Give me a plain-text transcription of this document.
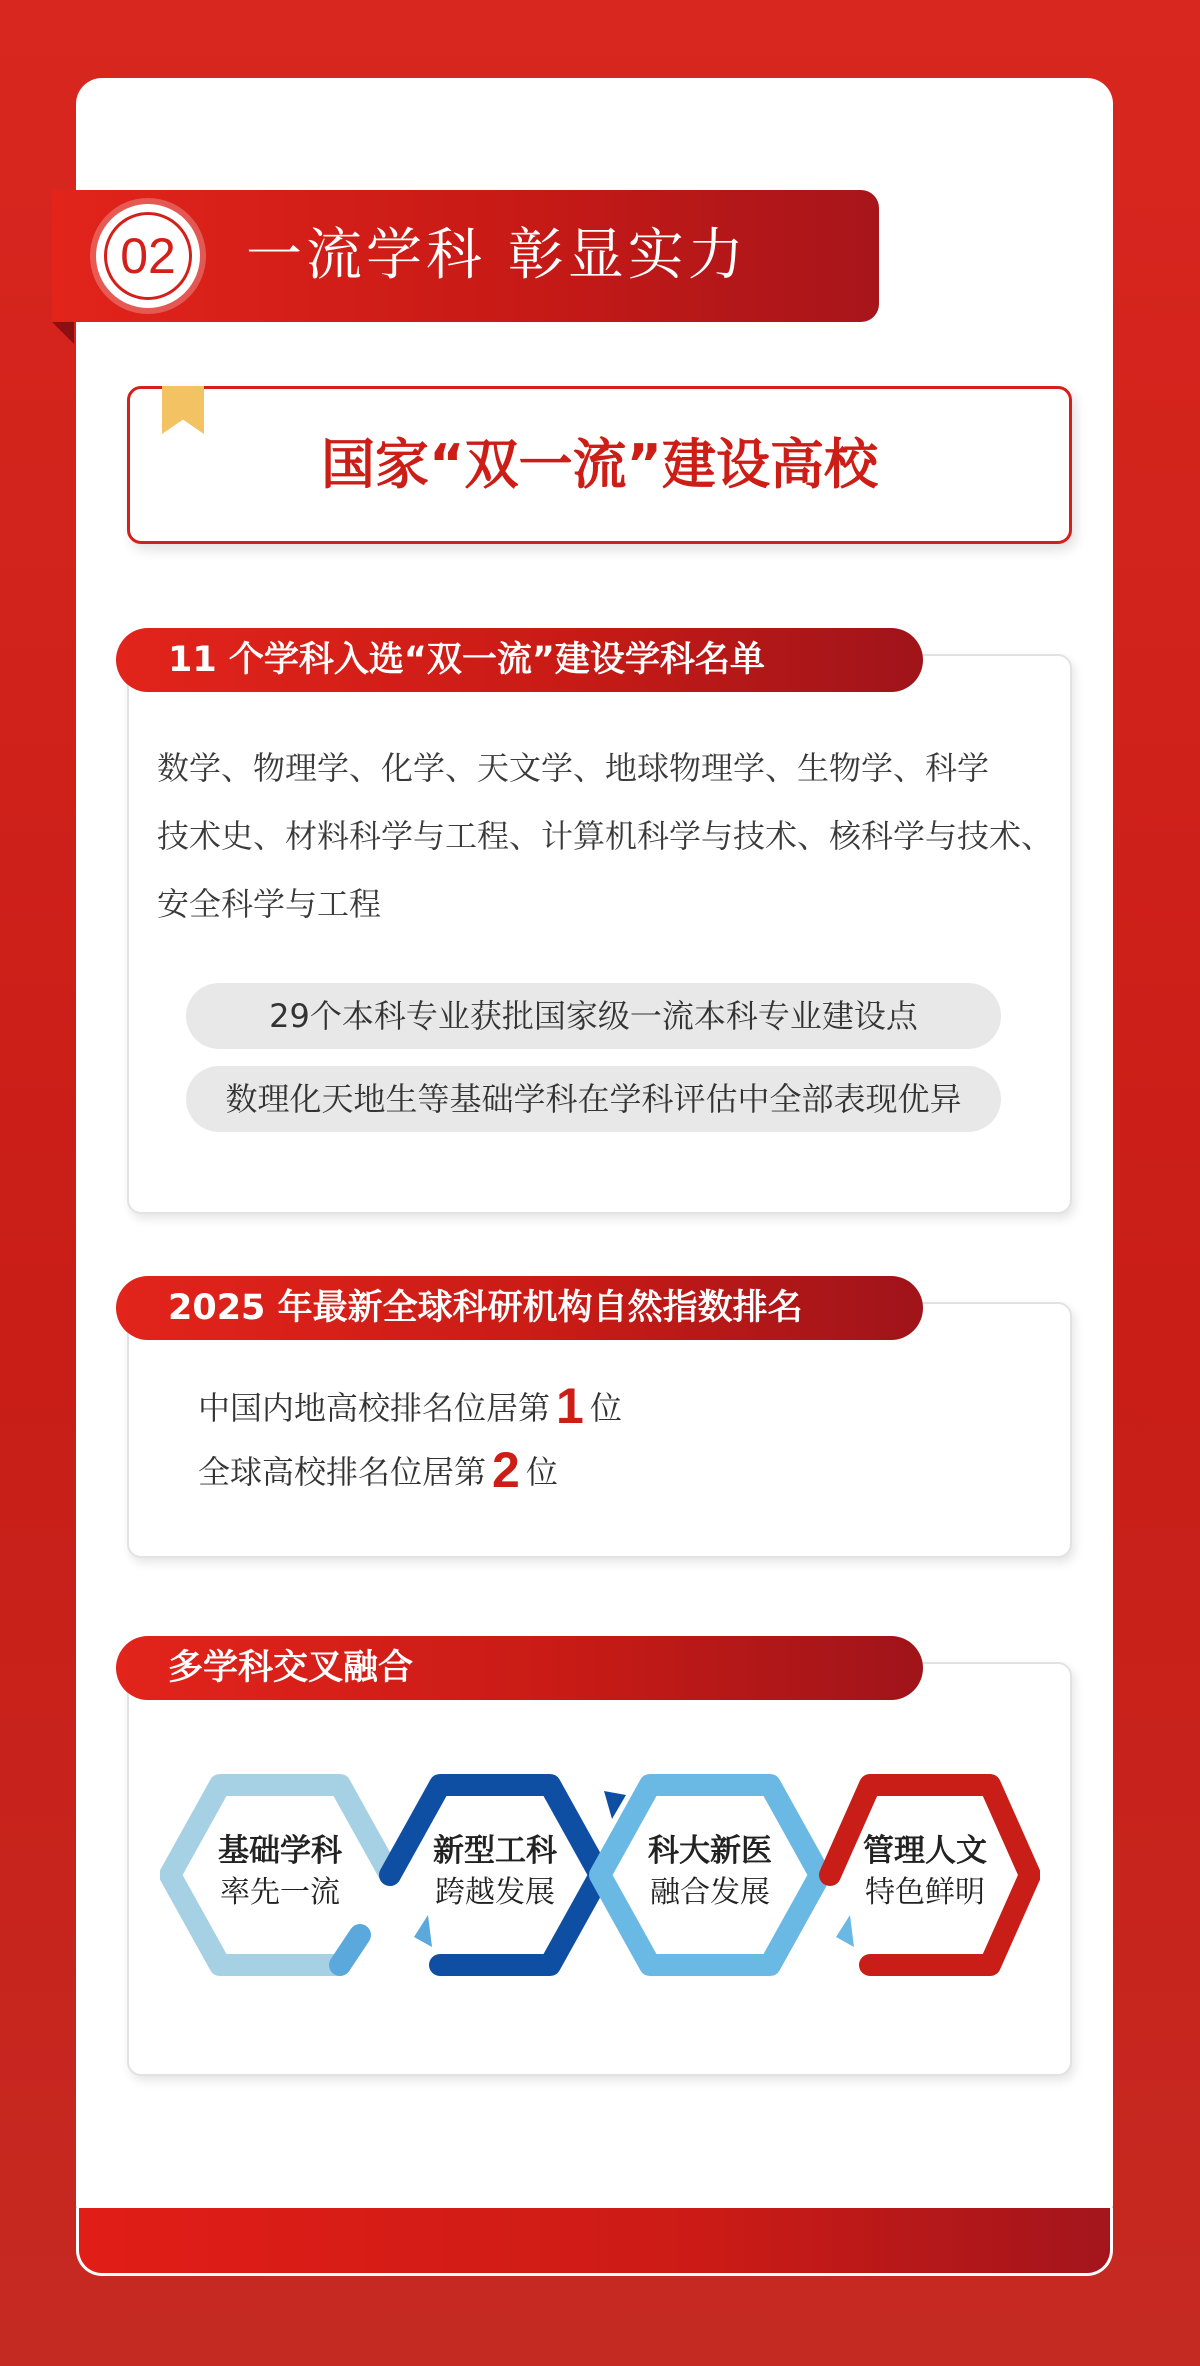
02 一流学科 彰显实力
国家“双一流”建设高校
11 个学科入选“双一流”建设学科名单
数学、物理学、化学、天文学、地球物理学、生物学、科学
技术史、材料科学与工程、计算机科学与技术、核科学与技术、
安全科学与工程
29个本科专业获批国家级一流本科专业建设点
数理化天地生等基础学科在学科评估中全部表现优异
2025 年最新全球科研机构自然指数排名
中国内地高校排名位居第 1 位
全球高校排名位居第 2 位
多学科交叉融合
基础学科
率先一流
新型工科
跨越发展
科大新医
融合发展
管理人文
特色鲜明
